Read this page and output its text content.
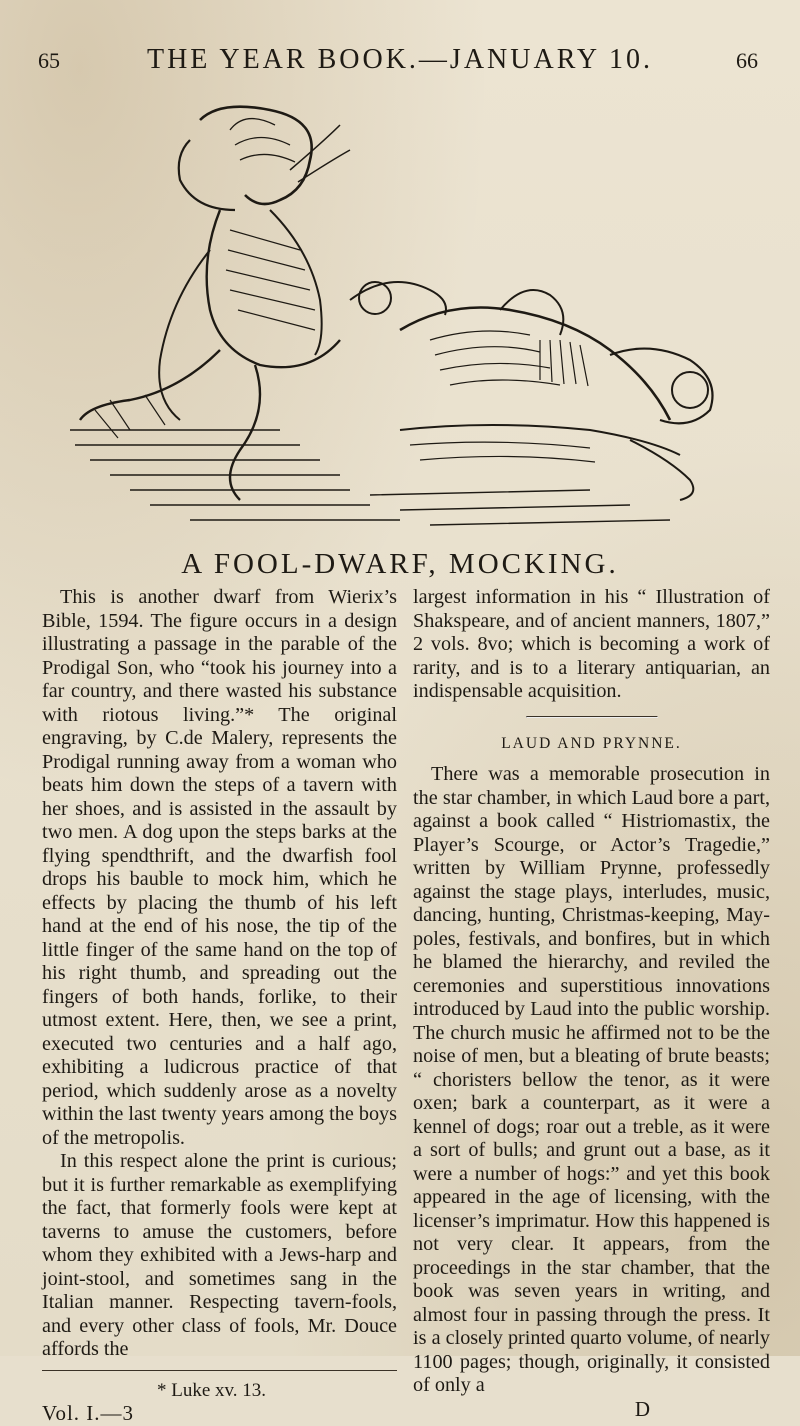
65	THE YEAR BOOK.—JANUARY 10.	66
A FOOL-DWARF, MOCKING.

This is another dwarf from Wierix’s Bible, 1594. The figure occurs in a design illustrating a passage in the parable of the Prodigal Son, who “took his journey into a far country, and there wasted his substance with riotous living.”* The original engraving, by C.de Malery, represents the Prodigal running away from a woman who beats him down the steps of a tavern with her shoes, and is assisted in the assault by two men. A dog upon the steps barks at the flying spendthrift, and the dwarfish fool drops his bauble to mock him, which he effects by placing the thumb of his left hand at the end of his nose, the tip of the little finger of the same hand on the top of his right thumb, and spreading out the fingers of both hands, forlike, to their utmost extent. Here, then, we see a print, executed two centuries and a half ago, exhibiting a ludicrous practice of that period, which suddenly arose as a novelty within the last twenty years among the boys of the metropolis.

In this respect alone the print is curious; but it is further remarkable as exemplifying the fact, that formerly fools were kept at taverns to amuse the customers, before whom they exhibited with a Jews-harp and joint-stool, and sometimes sang in the Italian manner. Respecting tavern-fools, and every other class of fools, Mr. Douce affords the

* Luke xv. 13.
Vol. I.—3

largest information in his “ Illustration of Shakspeare, and of ancient manners, 1807,” 2 vols. 8vo; which is becoming a work of rarity, and is to a literary antiquarian, an indispensable acquisition.

LAUD AND PRYNNE.

There was a memorable prosecution in the star chamber, in which Laud bore a part, against a book called “ Histriomastix, the Player’s Scourge, or Actor’s Tragedie,” written by William Prynne, professedly against the stage plays, interludes, music, dancing, hunting, Christmas-keeping, May-poles, festivals, and bonfires, but in which he blamed the hierarchy, and reviled the ceremonies and superstitious innovations introduced by Laud into the public worship. The church music he affirmed not to be the noise of men, but a bleating of brute beasts; “ choristers bellow the tenor, as it were oxen; bark a counterpart, as it were a kennel of dogs; roar out a treble, as it were a sort of bulls; and grunt out a base, as it were a number of hogs:” and yet this book appeared in the age of licensing, with the licenser’s imprimatur. How this happened is not very clear. It appears, from the proceedings in the star chamber, that the book was seven years in writing, and almost four in passing through the press. It is a closely printed quarto volume, of nearly 1100 pages; though, originally, it consisted of only a

D
